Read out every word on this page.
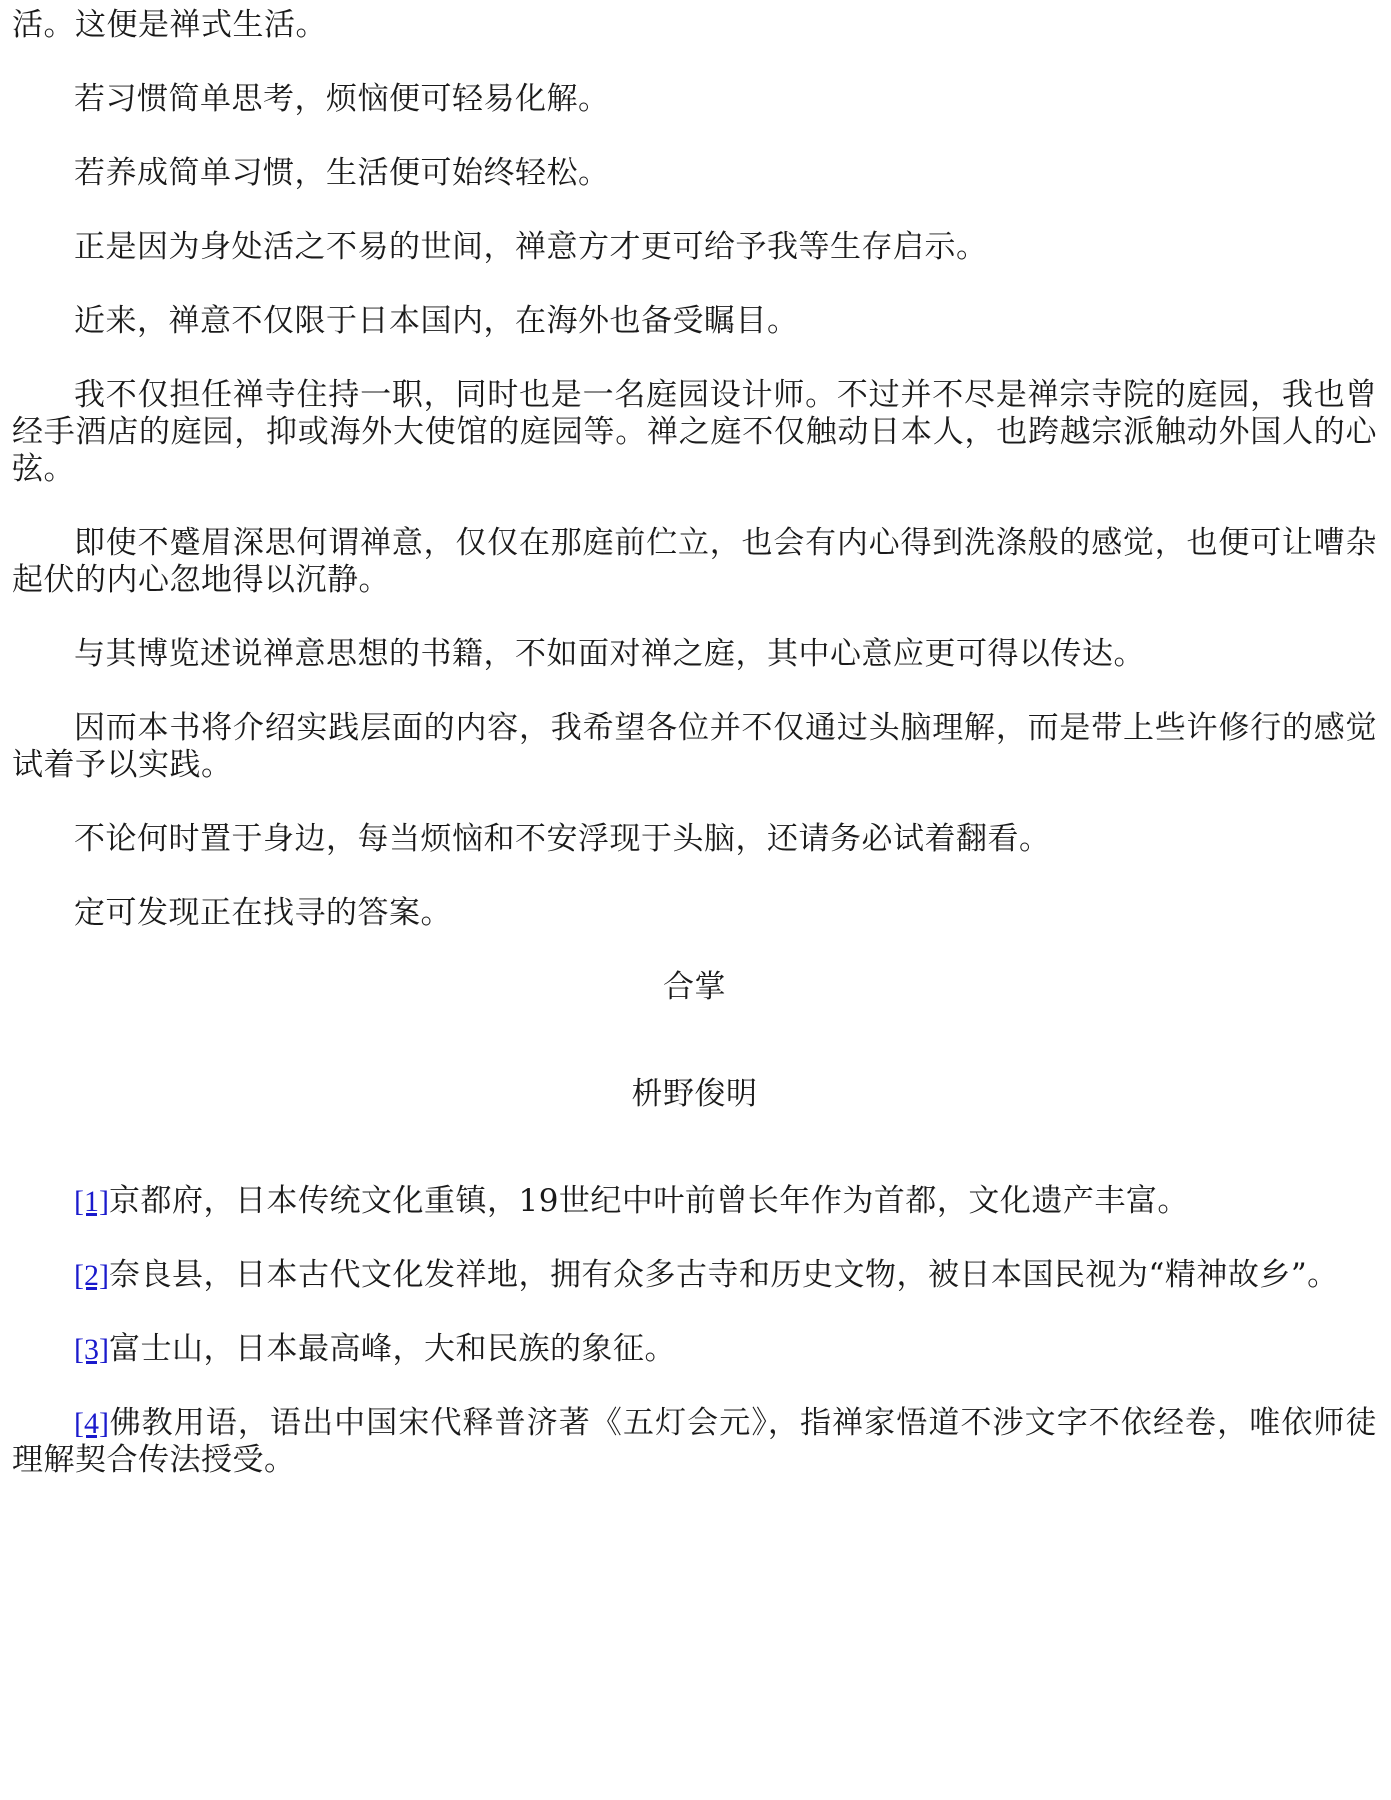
活。这便是禅式生活。

若习惯简单思考，烦恼便可轻易化解。

若养成简单习惯，生活便可始终轻松。

正是因为身处活之不易的世间，禅意方才更可给予我等生存启示。

近来，禅意不仅限于日本国内，在海外也备受瞩目。

我不仅担任禅寺住持一职，同时也是一名庭园设计师。不过并不尽是禅宗寺院的庭园，我也曾经手酒店的庭园，抑或海外大使馆的庭园等。禅之庭不仅触动日本人，也跨越宗派触动外国人的心弦。

即使不蹙眉深思何谓禅意，仅仅在那庭前伫立，也会有内心得到洗涤般的感觉，也便可让嘈杂起伏的内心忽地得以沉静。

与其博览述说禅意思想的书籍，不如面对禅之庭，其中心意应更可得以传达。

因而本书将介绍实践层面的内容，我希望各位并不仅通过头脑理解，而是带上些许修行的感觉试着予以实践。

不论何时置于身边，每当烦恼和不安浮现于头脑，还请务必试着翻看。

定可发现正在找寻的答案。

合掌

枡野俊明

[1]京都府，日本传统文化重镇，19世纪中叶前曾长年作为首都，文化遗产丰富。

[2]奈良县，日本古代文化发祥地，拥有众多古寺和历史文物，被日本国民视为“精神故乡”。

[3]富士山，日本最高峰，大和民族的象征。

[4]佛教用语，语出中国宋代释普济著《五灯会元》，指禅家悟道不涉文字不依经卷，唯依师徒理解契合传法授受。
